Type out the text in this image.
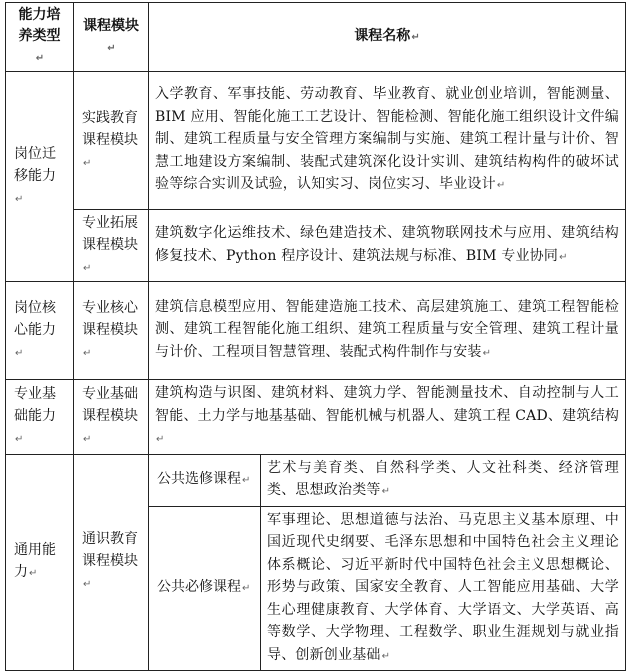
能力培养类型↵	课程模块↵	课程名称↵	

岗位迁移能力↵	实践教育课程模块↵	入学教育、军事技能、劳动教育、毕业教育、就业创业培训，智能测量、BIM 应用、智能化施工工艺设计、智能检测、智能化施工组织设计文件编制、建筑工程质量与安全管理方案编制与实施、建筑工程计量与计价、智慧工地建设方案编制、装配式建筑深化设计实训、建筑结构构件的破坏试验等综合实训及试验，认知实习、岗位实习、毕业设计↵	

	专业拓展课程模块↵	建筑数字化运维技术、绿色建造技术、建筑物联网技术与应用、建筑结构修复技术、Python 程序设计、建筑法规与标准、BIM 专业协同↵	

岗位核心能力↵	专业核心课程模块↵	建筑信息模型应用、智能建造施工技术、高层建筑施工、建筑工程智能检测、建筑工程智能化施工组织、建筑工程质量与安全管理、建筑工程计量与计价、工程项目智慧管理、装配式构件制作与安装↵	

专业基础能力↵	专业基础课程模块↵	建筑构造与识图、建筑材料、建筑力学、智能测量技术、自动控制与人工智能、土力学与地基基础、智能机械与机器人、建筑工程 CAD、建筑结构↵	

通用能力↵	通识教育课程模块↵	公共选修课程↵	艺术与美育类、自然科学类、人文社科类、经济管理类、思想政治类等↵

		公共必修课程↵	军事理论、思想道德与法治、马克思主义基本原理、中国近现代史纲要、毛泽东思想和中国特色社会主义理论体系概论、习近平新时代中国特色社会主义思想概论、形势与政策、国家安全教育、人工智能应用基础、大学生心理健康教育、大学体育、大学语文、大学英语、高等数学、大学物理、工程数学、职业生涯规划与就业指导、创新创业基础↵
